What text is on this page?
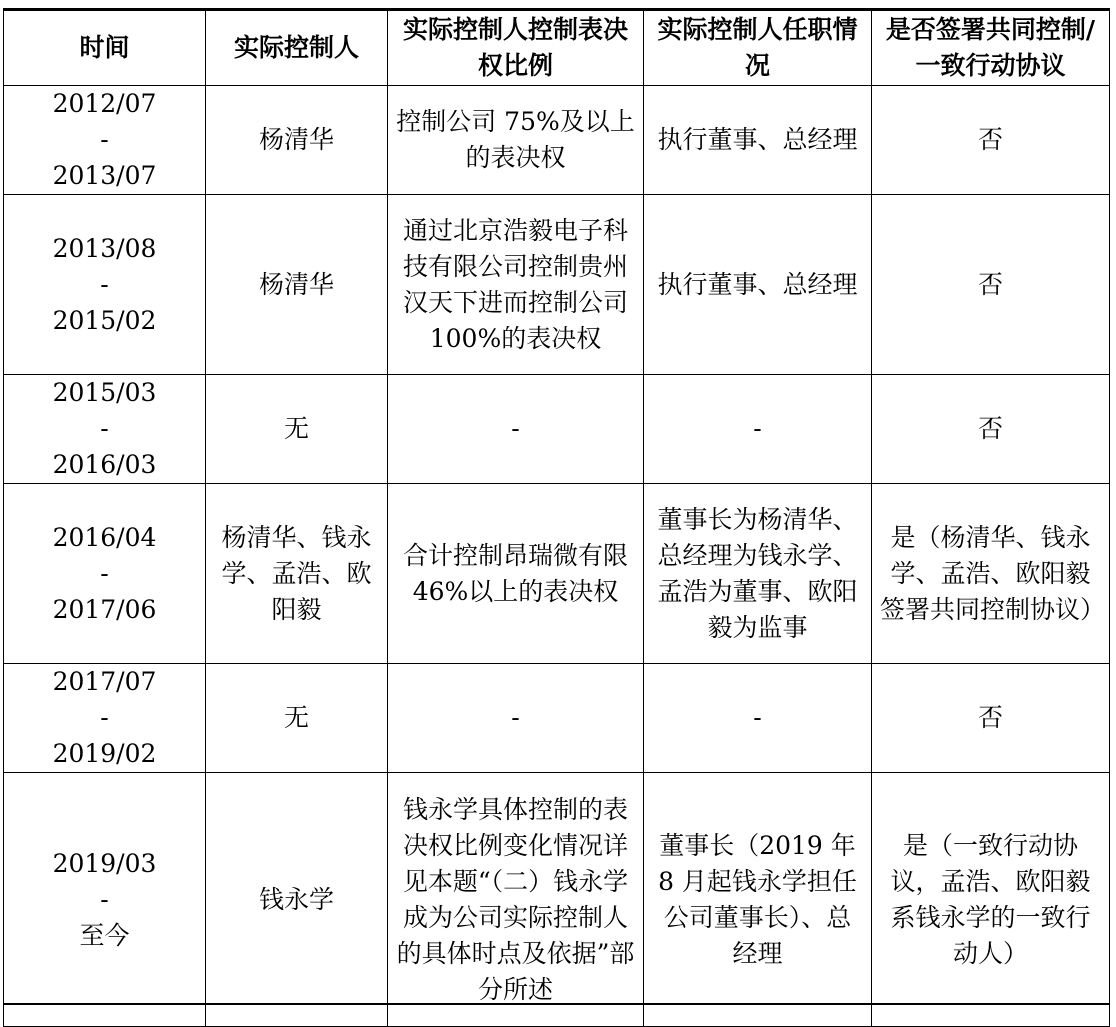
时间	实际控制人	实际控制人控制表决权比例	实际控制人任职情况	是否签署共同控制/一致行动协议

2012/07
-
2013/07	杨清华	控制公司 75%及以上的表决权	执行董事、总经理	否

2013/08
-
2015/02	杨清华	通过北京浩毅电子科技有限公司控制贵州汉天下进而控制公司 100%的表决权	执行董事、总经理	否

2015/03
-
2016/03	无	-	-	否

2016/04
-
2017/06	杨清华、钱永学、孟浩、欧阳毅	合计控制昂瑞微有限 46%以上的表决权	董事长为杨清华、总经理为钱永学、孟浩为董事、欧阳毅为监事	是（杨清华、钱永学、孟浩、欧阳毅签署共同控制协议）

2017/07
-
2019/02	无	-	-	否

2019/03
-
至今	钱永学	钱永学具体控制的表决权比例变化情况详见本题“（二）钱永学成为公司实际控制人的具体时点及依据”部分所述	董事长（2019 年 8 月起钱永学担任公司董事长）、总经理	是（一致行动协议，孟浩、欧阳毅系钱永学的一致行动人）
